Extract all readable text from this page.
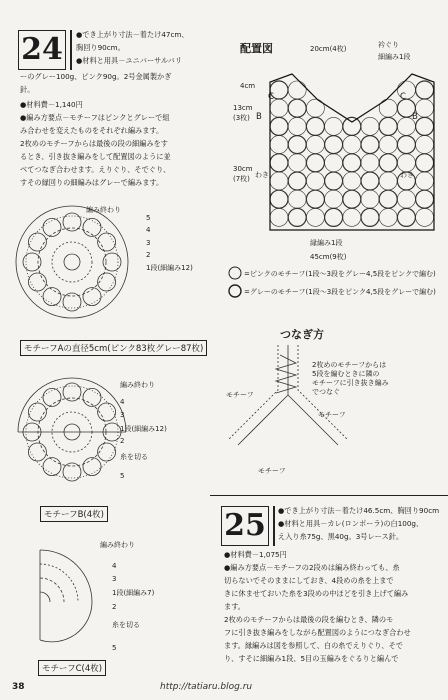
24	●でき上がり寸法－着たけ47cm、
胸回り90cm。
●材料と用具－ユニバーサルバリ
ーのグレー100g、ピンク90g。2号金属製かぎ
針。
●材料費－1,140円
●編み方要点－モチーフはピンクとグレーで組
み合わせを変えたものをそれぞれ編みます。
2枚めのモチーフからは最後の段の細編みをす
るとき、引き抜き編みをして配置図のように並
べてつなぎ合わせます。えりぐり、そでぐり、
すその縁回りの細編みはグレーで編みます。
編み終わり
5
4
3
2
1段(細編み12)
モチーフAの直径5cm(ピンク83枚グレー87枚)
編み終わり
4
3
1段(細編み12)
2
糸を切る
5
モチーフB(4枚)
編み終わり
4
3
1段(細編み7)
2
糸を切る
5
モチーフC(4枚)
配置図	20cm(4枚)	衿ぐり
細編み1段
4cm
13cm
(3枚)
30cm
(7枚)
C	C
B	B
わき	わき
縁編み1段
45cm(9枚)
=ピンクのモチーフ(1段～3段をグレー4,5段をピンクで編む)
=グレーのモチーフ(1段～3段をピンク4,5段をグレーで編む)
つなぎ方
2枚めのモチーフからは
5段を編むときに隣の
モチーフに引き抜き編み
でつなぐ
モチーフ
モチーフ
モチーフ
25	●でき上がり寸法－着たけ46.5cm、胸回り90cm
●材料と用具－カレ(ロンポーラ)の白100g、
え入り糸75g、黒40g。3号レース針。
●材料費－1,075円
●編み方要点－モチーフの2段めは編み終わっても、糸
切らないでそのままにしておき、4段めの糸を上まで
きに休ませておいた糸を3段めの中ほどを引き上げて編み
ます。
2枚めのモチーフからは最後の段を編むとき、隣のモ
フに引き抜き編みをしながら配置図のようにつなぎ合わせ
ます。縁編みは図を参照して、白の糸でえりぐり、そで
り、すそに細編み1段、5目の玉編みをぐるりと編んで
38	http://tatiaru.blog.ru
